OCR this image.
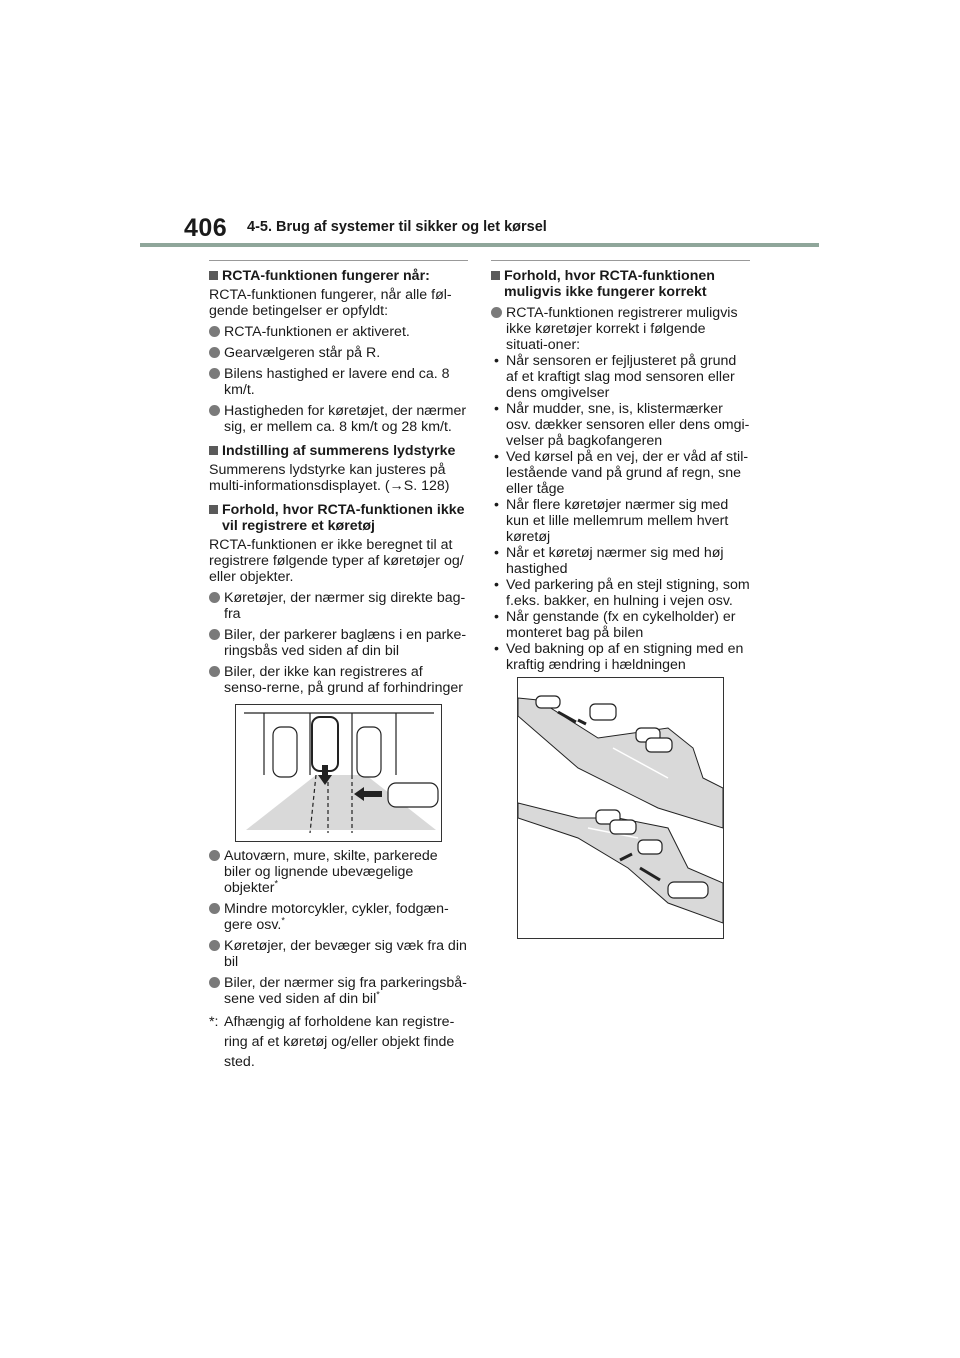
406 4-5. Brug af systemer til sikker og let kørsel
RCTA-funktionen fungerer når:
RCTA-funktionen fungerer, når alle føl-gende betingelser er opfyldt:
RCTA-funktionen er aktiveret.
Gearvælgeren står på R.
Bilens hastighed er lavere end ca. 8 km/t.
Hastigheden for køretøjet, der nærmer sig, er mellem ca. 8 km/t og 28 km/t.
Indstilling af summerens lydstyrke
Summerens lydstyrke kan justeres på multi-informationsdisplayet. (→S. 128)
Forhold, hvor RCTA-funktionen ikke vil registrere et køretøj
RCTA-funktionen er ikke beregnet til at registrere følgende typer af køretøjer og/ eller objekter.
Køretøjer, der nærmer sig direkte bag-fra
Biler, der parkerer baglæns i en parke-ringsbås ved siden af din bil
Biler, der ikke kan registreres af senso-rerne, på grund af forhindringer
Autoværn, mure, skilte, parkerede biler og lignende ubevægelige objekter*
Mindre motorcykler, cykler, fodgæn-gere osv.*
Køretøjer, der bevæger sig væk fra din bil
Biler, der nærmer sig fra parkeringsbå-sene ved siden af din bil*
*: Afhængig af forholdene kan registre-ring af et køretøj og/eller objekt finde sted.
Forhold, hvor RCTA-funktionen muligvis ikke fungerer korrekt
RCTA-funktionen registrerer muligvis ikke køretøjer korrekt i følgende situati-oner:
• Når sensoren er fejljusteret på grund af et kraftigt slag mod sensoren eller dens omgivelser
• Når mudder, sne, is, klistermærker osv. dækker sensoren eller dens omgi-velser på bagkofangeren
• Ved kørsel på en vej, der er våd af stil-lestående vand på grund af regn, sne eller tåge
• Når flere køretøjer nærmer sig med kun et lille mellemrum mellem hvert køretøj
• Når et køretøj nærmer sig med høj hastighed
• Ved parkering på en stejl stigning, som f.eks. bakker, en hulning i vejen osv.
• Når genstande (fx en cykelholder) er monteret bag på bilen
• Ved bakning op af en stigning med en kraftig ændring i hældningen
